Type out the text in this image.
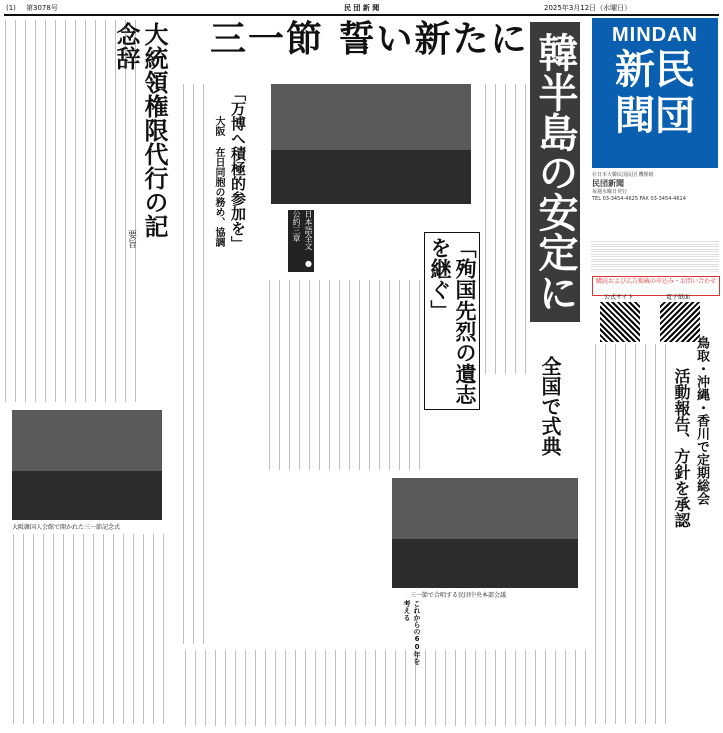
(1) 第3078号	民 団 新 聞	2025年3月12日（水曜日）
三一節 誓い新たに 韓半島の安定に寄与
MINDAN
新民
聞団
在日本大韓民国民団 機関紙
民団新聞
毎週水曜日発行
TEL 03-3454-4625 FAX 03-3454-4614
購読および広告掲載の申込み・お問い合わせ
公式サイト	電子紙面
大統領権限代行の記念辞
要旨	「万博へ積極的参加を」
大阪 在日同胞の務め、協調	日本語全文 ●公約三章
「殉国先烈の遺志を継ぐ」
全国で式典	鳥取・沖縄・香川で定期総会
活動報告、方針を承認
大阪韓国人会館で開かれた三一節記念式
三一節で合唱する民団中央本部会議
これからの60年を考える
